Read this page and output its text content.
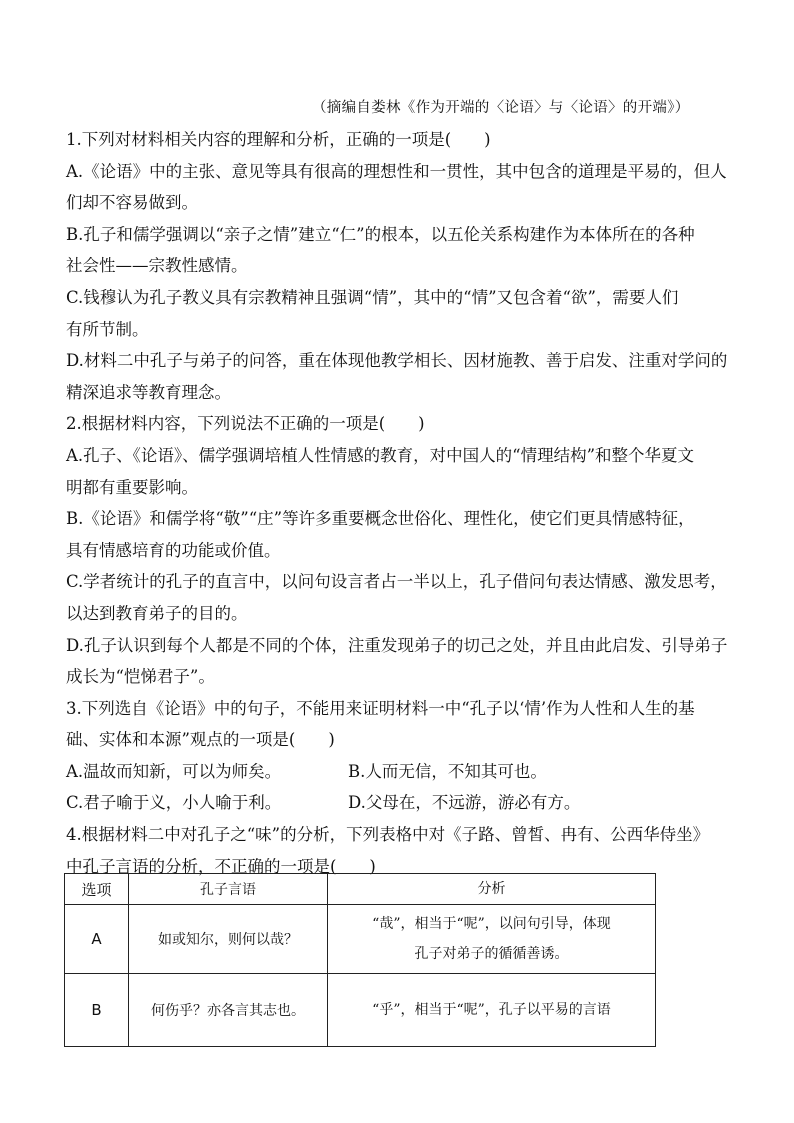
（摘编自娄林《作为开端的〈论语〉与〈论语〉的开端》）
1.下列对材料相关内容的理解和分析，正确的一项是(　　)
A.《论语》中的主张、意见等具有很高的理想性和一贯性，其中包含的道理是平易的，但人
们却不容易做到。
B.孔子和儒学强调以“亲子之情”建立“仁”的根本，以五伦关系构建作为本体所在的各种
社会性——宗教性感情。
C.钱穆认为孔子教义具有宗教精神且强调“情”，其中的“情”又包含着“欲”，需要人们
有所节制。
D.材料二中孔子与弟子的问答，重在体现他教学相长、因材施教、善于启发、注重对学问的
精深追求等教育理念。
2.根据材料内容，下列说法不正确的一项是(　　)
A.孔子、《论语》、儒学强调培植人性情感的教育，对中国人的“情理结构”和整个华夏文
明都有重要影响。
B.《论语》和儒学将“敬”“庄”等许多重要概念世俗化、理性化，使它们更具情感特征，
具有情感培育的功能或价值。
C.学者统计的孔子的直言中，以问句设言者占一半以上，孔子借问句表达情感、激发思考，
以达到教育弟子的目的。
D.孔子认识到每个人都是不同的个体，注重发现弟子的切己之处，并且由此启发、引导弟子
成长为“恺悌君子”。
3.下列选自《论语》中的句子，不能用来证明材料一中“孔子以‘情’作为人性和人生的基
础、实体和本源”观点的一项是(　　)
A.温故而知新，可以为师矣。	B.人而无信，不知其可也。
C.君子喻于义，小人喻于利。	D.父母在，不远游，游必有方。
4.根据材料二中对孔子之“味”的分析，下列表格中对《子路、曾皙、冉有、公西华侍坐》
中孔子言语的分析，不正确的一项是(　　)
选项	孔子言语	分析
A	如或知尔，则何以哉？	“哉”，相当于“呢”，以问句引导，体现
孔子对弟子的循循善诱。

B	何伤乎？亦各言其志也。	“乎”，相当于“呢”，孔子以平易的言语
